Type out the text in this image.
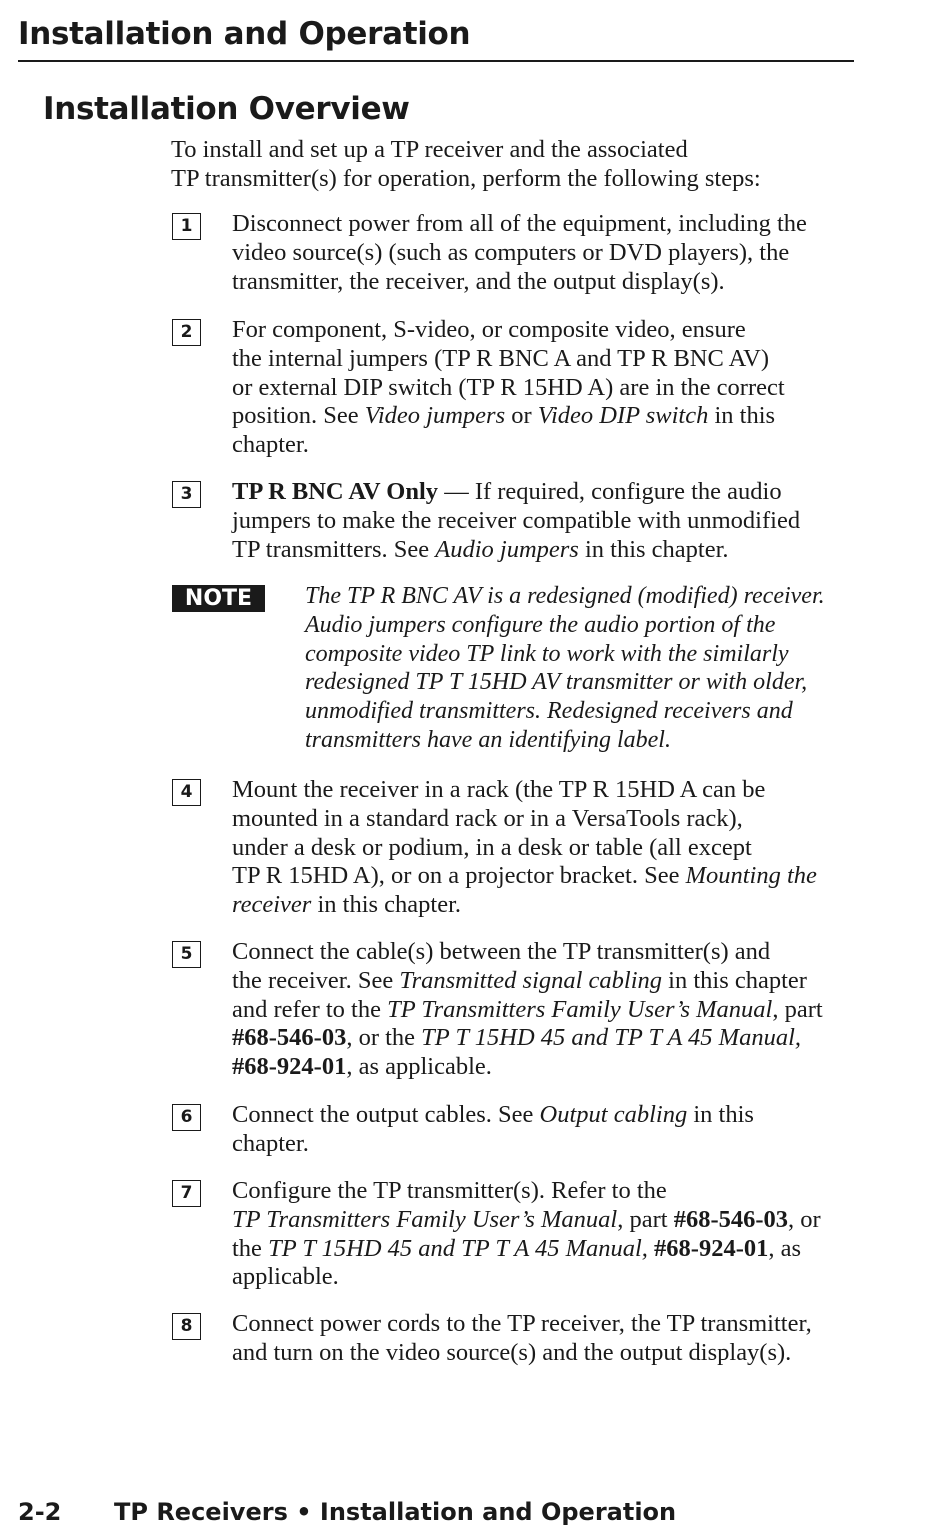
Installation and Operation
Installation Overview
To install and set up a TP receiver and the associated
TP transmitter(s) for operation, perform the following steps:
1	Disconnect power from all of the equipment, including the
video source(s) (such as computers or DVD players), the
transmitter, the receiver, and the output display(s).
2	For component, S-video, or composite video, ensure
the internal jumpers (TP R BNC A and TP R BNC AV)
or external DIP switch (TP R 15HD A) are in the correct
position. See Video jumpers or Video DIP switch in this
chapter.
3	TP R BNC AV Only — If required, configure the audio
jumpers to make the receiver compatible with unmodified
TP transmitters. See Audio jumpers in this chapter.
NOTE	The TP R BNC AV is a redesigned (modified) receiver.
Audio jumpers configure the audio portion of the
composite video TP link to work with the similarly
redesigned TP T 15HD AV transmitter or with older,
unmodified transmitters. Redesigned receivers and
transmitters have an identifying label.
4	Mount the receiver in a rack (the TP R 15HD A can be
mounted in a standard rack or in a VersaTools rack),
under a desk or podium, in a desk or table (all except
TP R 15HD A), or on a projector bracket. See Mounting the
receiver in this chapter.
5	Connect the cable(s) between the TP transmitter(s) and
the receiver. See Transmitted signal cabling in this chapter
and refer to the TP Transmitters Family User’s Manual, part
#68-546-03, or the TP T 15HD 45 and TP T A 45 Manual,
#68-924-01, as applicable.
6	Connect the output cables. See Output cabling in this
chapter.
7	Configure the TP transmitter(s). Refer to the
TP Transmitters Family User’s Manual, part #68-546-03, or
the TP T 15HD 45 and TP T A 45 Manual, #68-924-01, as
applicable.
8	Connect power cords to the TP receiver, the TP transmitter,
and turn on the video source(s) and the output display(s).
2-2 TP Receivers • Installation and Operation
